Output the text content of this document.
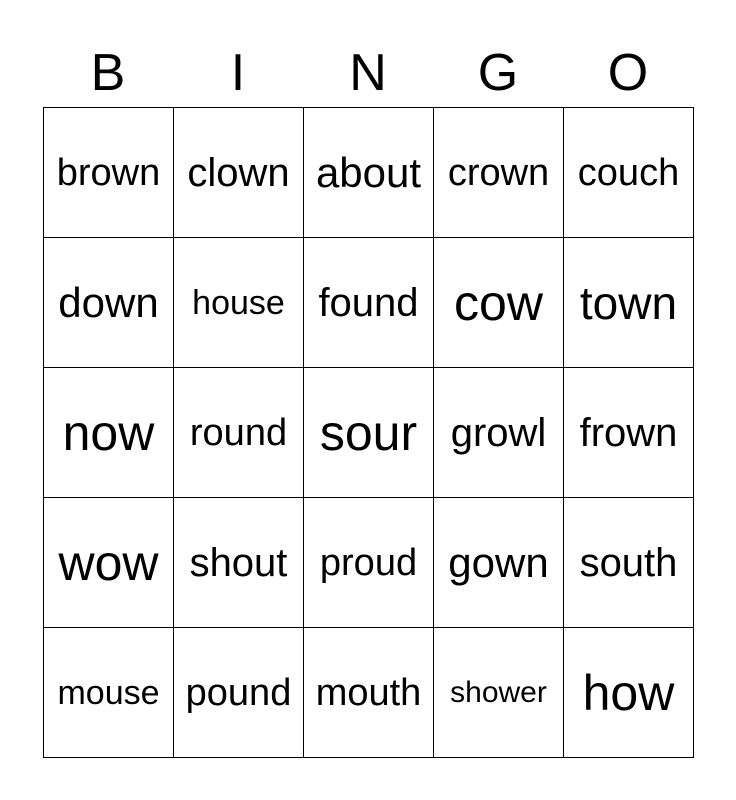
B	I	N	G	O
brown clown about crown couch
down house found cow town
now round sour growl frown
wow shout proud gown south
mouse pound mouth shower how
